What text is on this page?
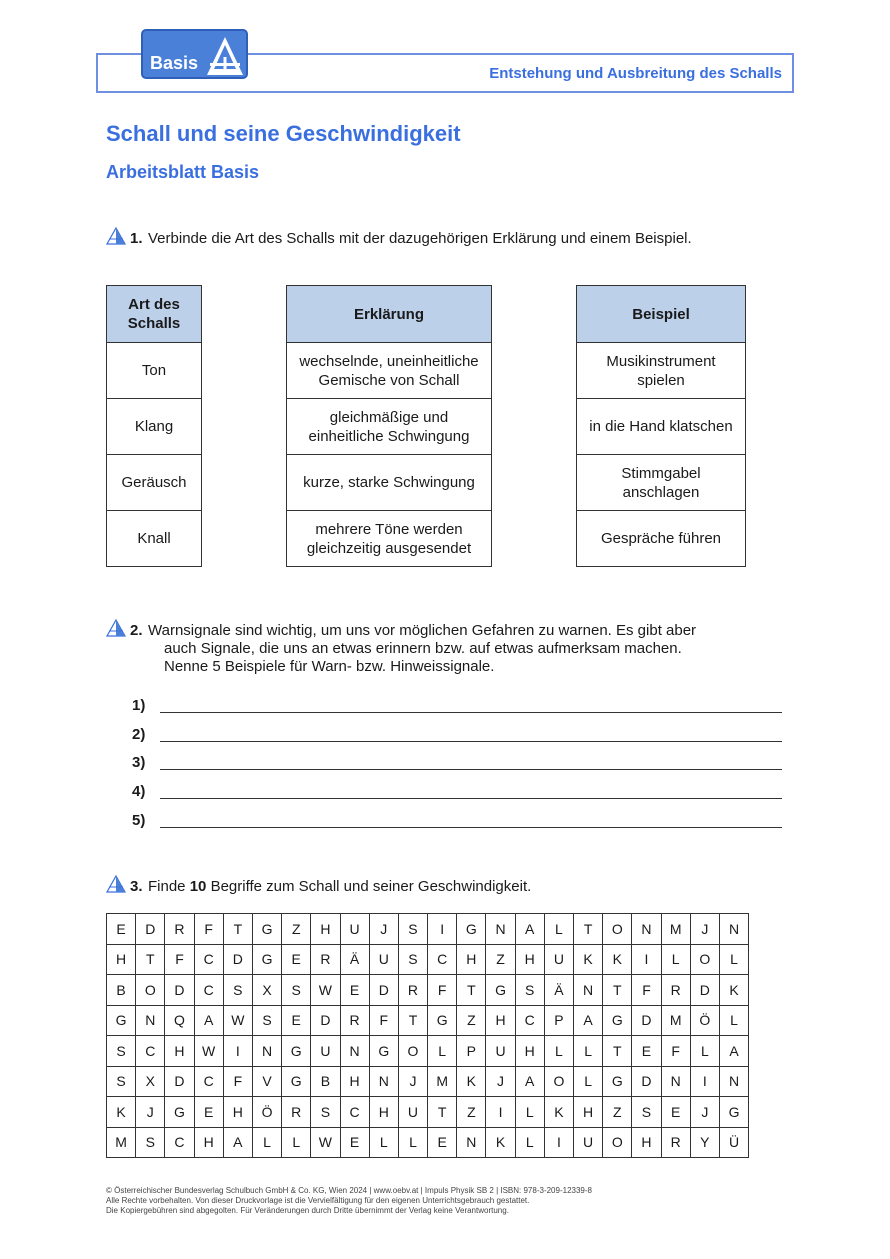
Entstehung und Ausbreitung des Schalls
Basis
Schall und seine Geschwindigkeit
Arbeitsblatt Basis
1. Verbinde die Art des Schalls mit der dazugehörigen Erklärung und einem Beispiel.
Art des Schalls
Ton
Klang
Geräusch
Knall
Erklärung
wechselnde, uneinheitliche Gemische von Schall
gleichmäßige und einheitliche Schwingung
kurze, starke Schwingung
mehrere Töne werden gleichzeitig ausgesendet
Beispiel
Musikinstrument spielen
in die Hand klatschen
Stimmgabel anschlagen
Gespräche führen
2. Warnsignale sind wichtig, um uns vor möglichen Gefahren zu warnen. Es gibt aber
auch Signale, die uns an etwas erinnern bzw. auf etwas aufmerksam machen.
Nenne 5 Beispiele für Warn- bzw. Hinweissignale.
1)
2)
3)
4)
5)
3. Finde 10 Begriffe zum Schall und seiner Geschwindigkeit.
E	D	R	F	T	G	Z	H	U	J	S	I	G	N	A	L	T	O	N	M	J	N
H	T	F	C	D	G	E	R	Ä	U	S	C	H	Z	H	U	K	K	I	L	O	L
B	O	D	C	S	X	S	W	E	D	R	F	T	G	S	Ä	N	T	F	R	D	K
G	N	Q	A	W	S	E	D	R	F	T	G	Z	H	C	P	A	G	D	M	Ö	L
S	C	H	W	I	N	G	U	N	G	O	L	P	U	H	L	L	T	E	F	L	A
S	X	D	C	F	V	G	B	H	N	J	M	K	J	A	O	L	G	D	N	I	N
K	J	G	E	H	Ö	R	S	C	H	U	T	Z	I	L	K	H	Z	S	E	J	G
M	S	C	H	A	L	L	W	E	L	L	E	N	K	L	I	U	O	H	R	Y	Ü
© Österreichischer Bundesverlag Schulbuch GmbH & Co. KG, Wien 2024 | www.oebv.at | Impuls Physik SB 2 | ISBN: 978-3-209-12339-8
Alle Rechte vorbehalten. Von dieser Druckvorlage ist die Vervielfältigung für den eigenen Unterrichtsgebrauch gestattet.
Die Kopiergebühren sind abgegolten. Für Veränderungen durch Dritte übernimmt der Verlag keine Verantwortung.
